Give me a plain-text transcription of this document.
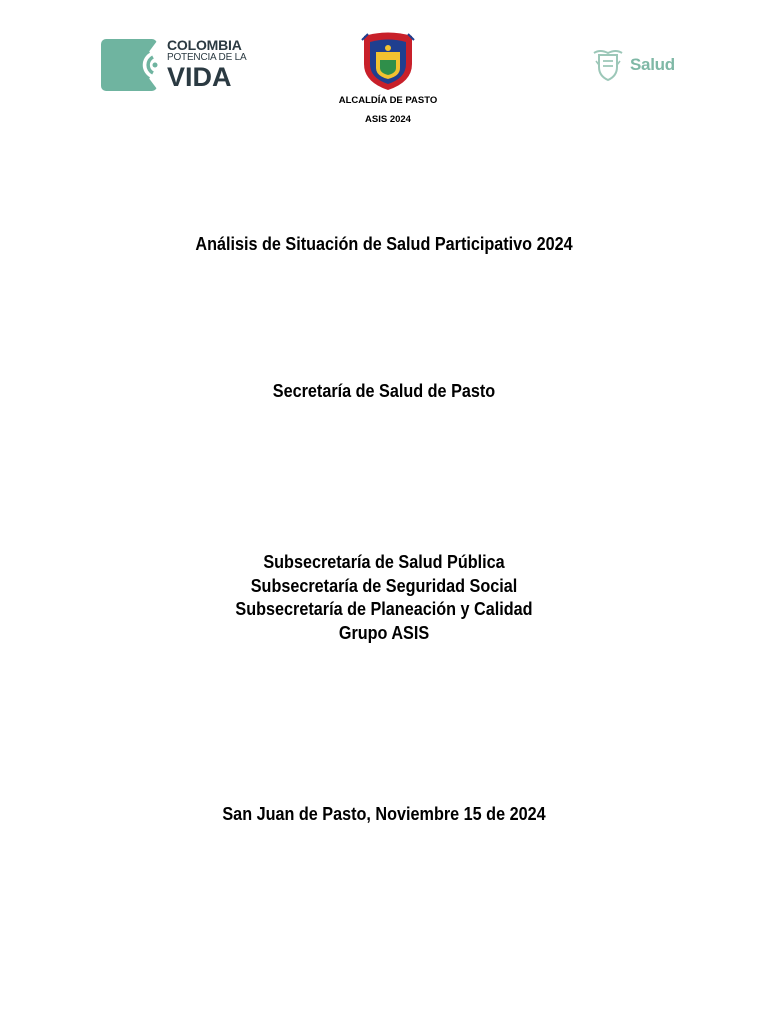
COLOMBIA
POTENCIA DE LA
VIDA
ALCALDÍA DE PASTO
ASIS 2024
Salud
Análisis de Situación de Salud Participativo 2024
Secretaría de Salud de Pasto
Subsecretaría de Salud Pública
Subsecretaría de Seguridad Social
Subsecretaría de Planeación y Calidad
Grupo ASIS
San Juan de Pasto, Noviembre 15 de 2024
